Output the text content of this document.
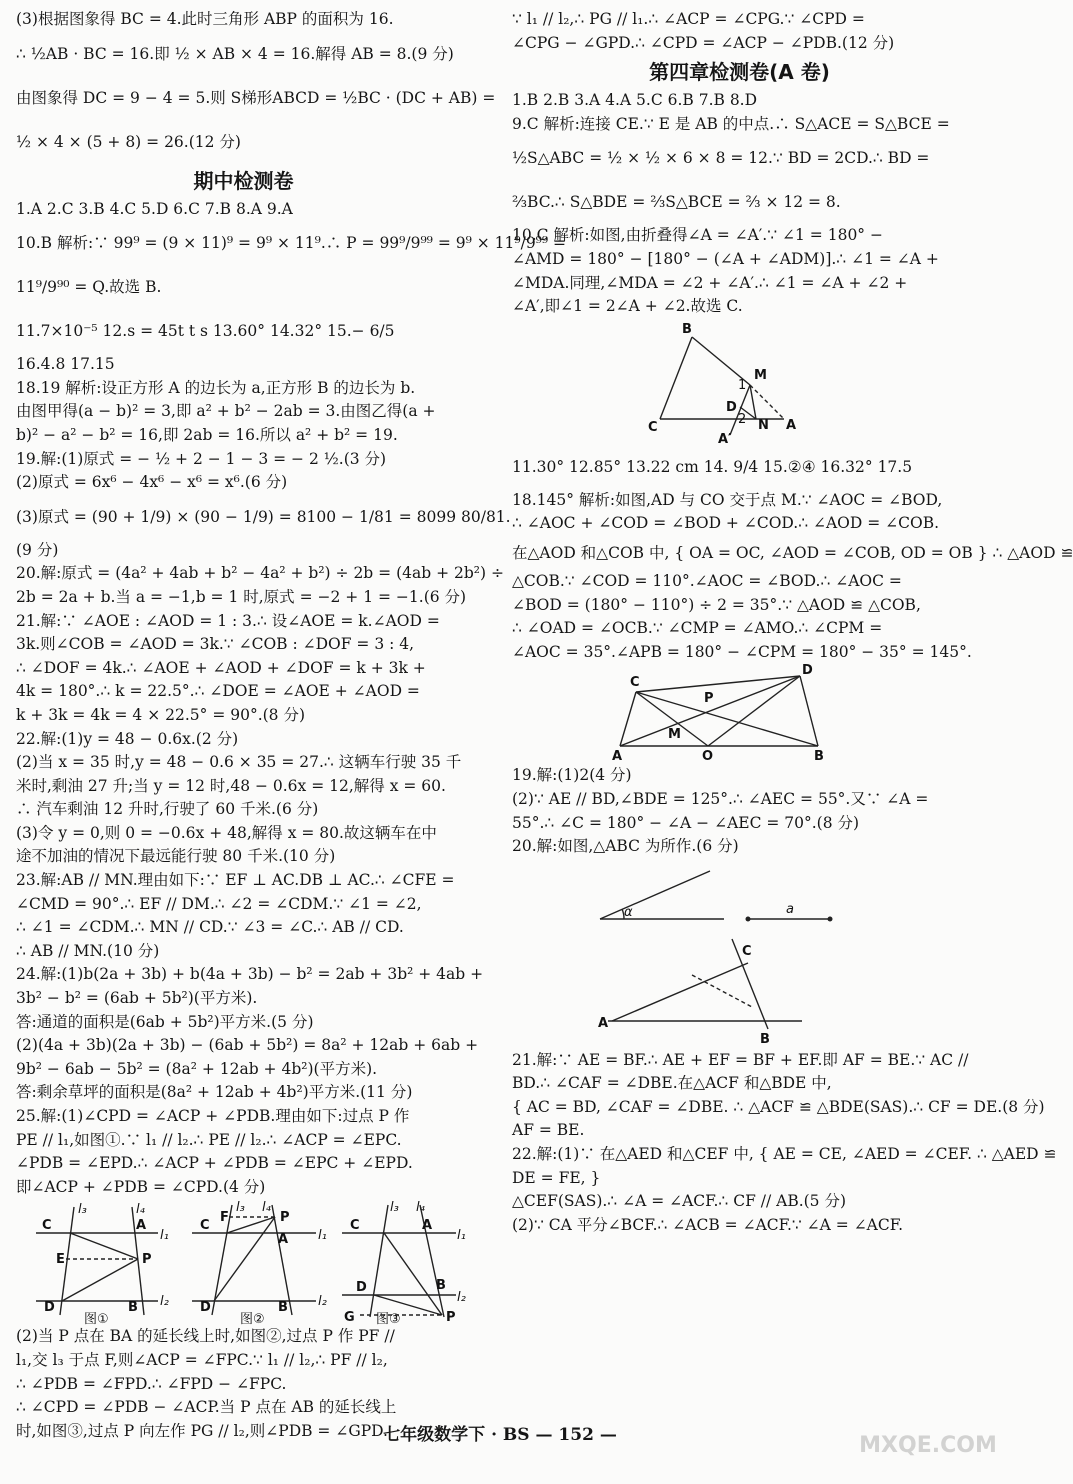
(3)根据图象得 BC = 4.此时三角形 ABP 的面积为 16.
∴ ½AB · BC = 16.即 ½ × AB × 4 = 16.解得 AB = 8.(9 分)
由图象得 DC = 9 − 4 = 5.则 S梯形ABCD = ½BC · (DC + AB) =
½ × 4 × (5 + 8) = 26.(12 分)
期中检测卷
1.A 2.C 3.B 4.C 5.D 6.C 7.B 8.A 9.A
10.B 解析:∵ 99⁹ = (9 × 11)⁹ = 9⁹ × 11⁹.∴ P = 99⁹/9⁹⁹ = 9⁹ × 11⁹/9⁹⁹ =
11⁹/9⁹⁰ = Q.故选 B.
11.7×10⁻⁵ 12.s = 45t t s 13.60° 14.32° 15.− 6/5
16.4.8 17.15
18.19 解析:设正方形 A 的边长为 a,正方形 B 的边长为 b.
由图甲得(a − b)² = 3,即 a² + b² − 2ab = 3.由图乙得(a +
b)² − a² − b² = 16,即 2ab = 16.所以 a² + b² = 19.
19.解:(1)原式 = − ½ + 2 − 1 − 3 = − 2 ½.(3 分)
(2)原式 = 6x⁶ − 4x⁶ − x⁶ = x⁶.(6 分)
(3)原式 = (90 + 1/9) × (90 − 1/9) = 8100 − 1/81 = 8099 80/81.
(9 分)
20.解:原式 = (4a² + 4ab + b² − 4a² + b²) ÷ 2b = (4ab + 2b²) ÷
2b = 2a + b.当 a = −1,b = 1 时,原式 = −2 + 1 = −1.(6 分)
21.解:∵ ∠AOE : ∠AOD = 1 : 3.∴ 设∠AOE = k.∠AOD =
3k.则∠COB = ∠AOD = 3k.∵ ∠COB : ∠DOF = 3 : 4,
∴ ∠DOF = 4k.∴ ∠AOE + ∠AOD + ∠DOF = k + 3k +
4k = 180°.∴ k = 22.5°.∴ ∠DOE = ∠AOE + ∠AOD =
k + 3k = 4k = 4 × 22.5° = 90°.(8 分)
22.解:(1)y = 48 − 0.6x.(2 分)
(2)当 x = 35 时,y = 48 − 0.6 × 35 = 27.∴ 这辆车行驶 35 千
米时,剩油 27 升;当 y = 12 时,48 − 0.6x = 12,解得 x = 60.
∴ 汽车剩油 12 升时,行驶了 60 千米.(6 分)
(3)令 y = 0,则 0 = −0.6x + 48,解得 x = 80.故这辆车在中
途不加油的情况下最远能行驶 80 千米.(10 分)
23.解:AB // MN.理由如下:∵ EF ⊥ AC.DB ⊥ AC.∴ ∠CFE =
∠CMD = 90°.∴ EF // DM.∴ ∠2 = ∠CDM.∵ ∠1 = ∠2,
∴ ∠1 = ∠CDM.∴ MN // CD.∵ ∠3 = ∠C.∴ AB // CD.
∴ AB // MN.(10 分)
24.解:(1)b(2a + 3b) + b(4a + 3b) − b² = 2ab + 3b² + 4ab +
3b² − b² = (6ab + 5b²)(平方米).
答:通道的面积是(6ab + 5b²)平方米.(5 分)
(2)(4a + 3b)(2a + 3b) − (6ab + 5b²) = 8a² + 12ab + 6ab +
9b² − 6ab − 5b² = (8a² + 12ab + 4b²)(平方米).
答:剩余草坪的面积是(8a² + 12ab + 4b²)平方米.(11 分)
25.解:(1)∠CPD = ∠ACP + ∠PDB.理由如下:过点 P 作
PE // l₁,如图①.∵ l₁ // l₂.∴ PE // l₂.∴ ∠ACP = ∠EPC.
∠PDB = ∠EPD.∴ ∠ACP + ∠PDB = ∠EPC + ∠EPD.
即∠ACP + ∠PDB = ∠CPD.(4 分)
C	A
E	P
D	B
l₃	l₄
l₁
l₂
图①
C
A
F	P
D	B
l₃ l₄
l₁
l₂
图②
C	A
D	B
G	P
l₃ l₄
l₁
l₂
图③
(2)当 P 点在 BA 的延长线上时,如图②,过点 P 作 PF //
l₁,交 l₃ 于点 F,则∠ACP = ∠FPC.∵ l₁ // l₂,∴ PF // l₂,
∴ ∠PDB = ∠FPD.∴ ∠FPD − ∠FPC.
∴ ∠CPD = ∠PDB − ∠ACP.当 P 点在 AB 的延长线上
时,如图③,过点 P 向左作 PG // l₂,则∠PDB = ∠GPD.
∵ l₁ // l₂,∴ PG // l₁.∴ ∠ACP = ∠CPG.∵ ∠CPD =
∠CPG − ∠GPD.∴ ∠CPD = ∠ACP − ∠PDB.(12 分)
第四章检测卷(A 卷)
1.B 2.B 3.A 4.A 5.C 6.B 7.B 8.D
9.C 解析:连接 CE.∵ E 是 AB 的中点.∴ S△ACE = S△BCE =
½S△ABC = ½ × ½ × 6 × 8 = 12.∵ BD = 2CD.∴ BD =
⅔BC.∴ S△BDE = ⅔S△BCE = ⅔ × 12 = 8.
10.C 解析:如图,由折叠得∠A = ∠A′.∵ ∠1 = 180° −
∠AMD = 180° − [180° − (∠A + ∠ADM)].∴ ∠1 = ∠A +
∠MDA.同理,∠MDA = ∠2 + ∠A′.∴ ∠1 = ∠A + ∠2 +
∠A′,即∠1 = 2∠A + ∠2.故选 C.
B
M
1
D
C
2 N A
A′
11.30° 12.85° 13.22 cm 14. 9/4 15.②④ 16.32° 17.5
18.145° 解析:如图,AD 与 CO 交于点 M.∵ ∠AOC = ∠BOD,
∴ ∠AOC + ∠COD = ∠BOD + ∠COD.∴ ∠AOD = ∠COB.
在△AOD 和△COB 中, { OA = OC, ∠AOD = ∠COB, OD = OB } ∴ △AOD ≌
△COB.∵ ∠COD = 110°.∠AOC = ∠BOD.∴ ∠AOC =
∠BOD = (180° − 110°) ÷ 2 = 35°.∵ △AOD ≌ △COB,
∴ ∠OAD = ∠OCB.∵ ∠CMP = ∠AMO.∴ ∠CPM =
∠AOC = 35°.∠APB = 180° − ∠CPM = 180° − 35° = 145°.
C
P
D
M
A	O	B
19.解:(1)2(4 分)
(2)∵ AE // BD,∠BDE = 125°.∴ ∠AEC = 55°.又∵ ∠A =
55°.∴ ∠C = 180° − ∠A − ∠AEC = 70°.(8 分)
20.解:如图,△ABC 为所作.(6 分)
α	a
A
B
C
21.解:∵ AE = BF.∴ AE + EF = BF + EF.即 AF = BE.∵ AC //
BD.∴ ∠CAF = ∠DBE.在△ACF 和△BDE 中,
{ AC = BD, ∠CAF = ∠DBE. ∴ △ACF ≌ △BDE(SAS).∴ CF = DE.(8 分)
AF = BE.
22.解:(1)∵ 在△AED 和△CEF 中, { AE = CE, ∠AED = ∠CEF. ∴ △AED ≌
DE = FE, }
△CEF(SAS).∴ ∠A = ∠ACF.∴ CF // AB.(5 分)
(2)∵ CA 平分∠BCF.∴ ∠ACB = ∠ACF.∵ ∠A = ∠ACF.
七年级数学下 · BS — 152 —	MXQE.COM
